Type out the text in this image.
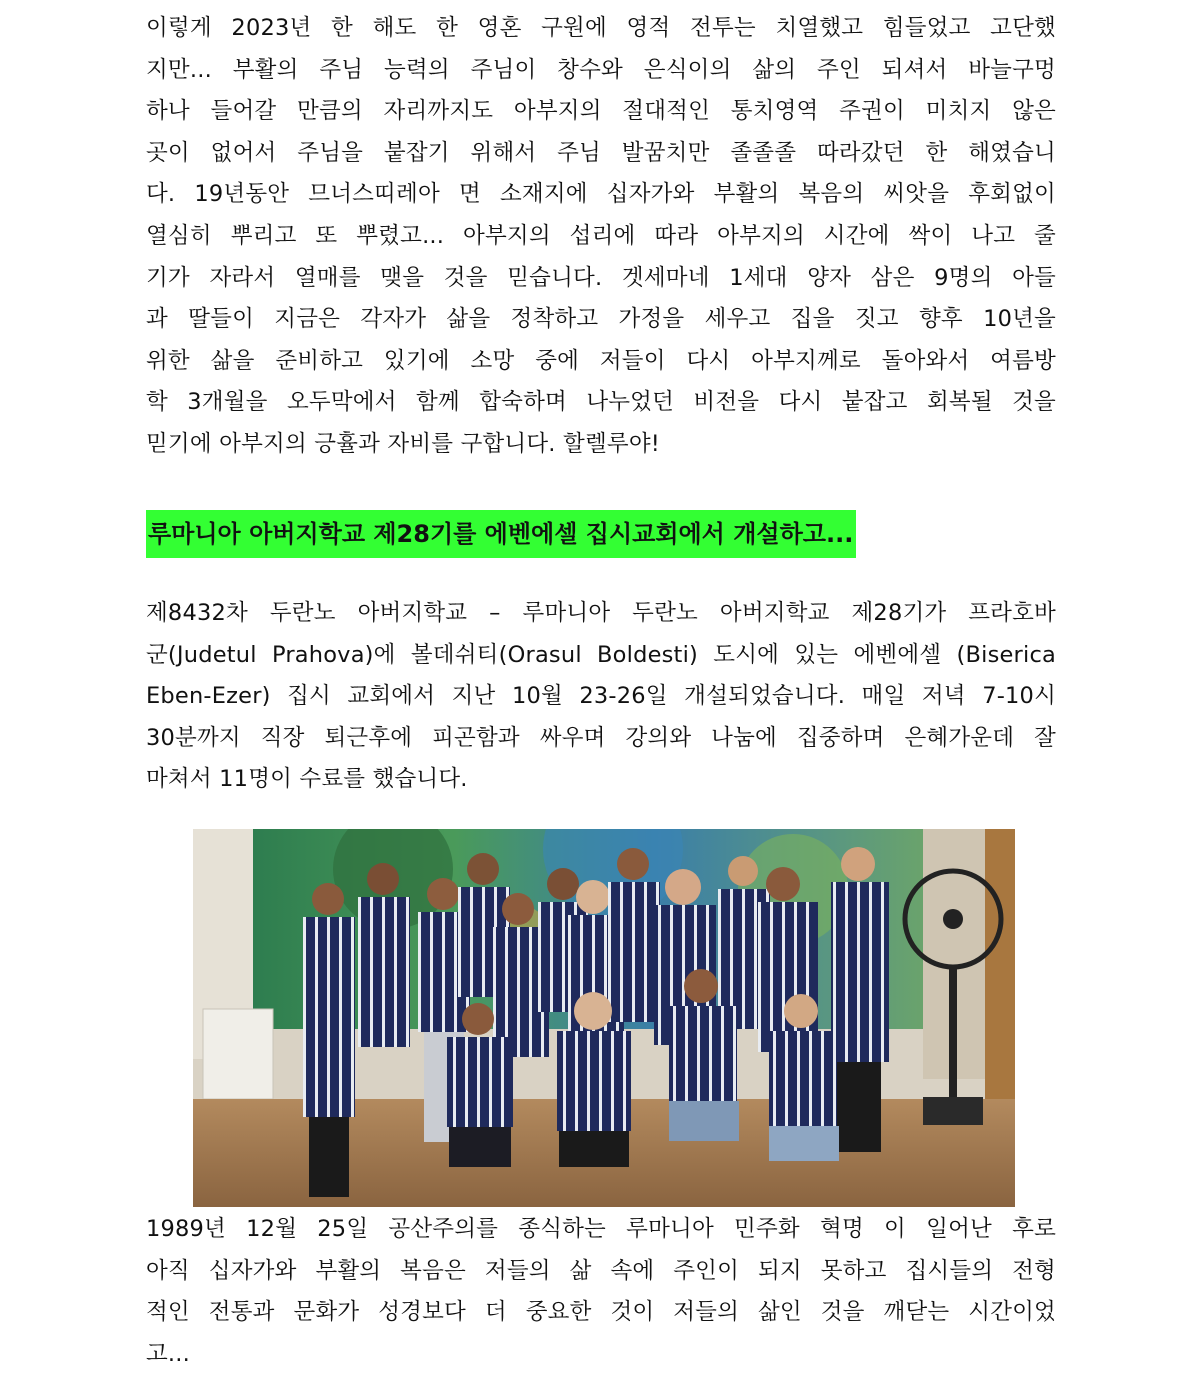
이렇게 2023년 한 해도 한 영혼 구원에 영적 전투는 치열했고 힘들었고 고단했
지만... 부활의 주님 능력의 주님이 창수와 은식이의 삶의 주인 되셔서 바늘구멍
하나 들어갈 만큼의 자리까지도 아부지의 절대적인 통치영역 주권이 미치지 않은
곳이 없어서 주님을 붙잡기 위해서 주님 발꿈치만 졸졸졸 따라갔던 한 해였습니
다. 19년동안 므너스띠레아 면 소재지에 십자가와 부활의 복음의 씨앗을 후회없이
열심히 뿌리고 또 뿌렸고... 아부지의 섭리에 따라 아부지의 시간에 싹이 나고 줄
기가 자라서 열매를 맺을 것을 믿습니다. 겟세마네 1세대 양자 삼은 9명의 아들
과 딸들이 지금은 각자가 삶을 정착하고 가정을 세우고 집을 짓고 향후 10년을
위한 삶을 준비하고 있기에 소망 중에 저들이 다시 아부지께로 돌아와서 여름방
학 3개월을 오두막에서 함께 합숙하며 나누었던 비전을 다시 붙잡고 회복될 것을
믿기에 아부지의 긍휼과 자비를 구합니다. 할렐루야!
루마니아 아버지학교 제28기를 에벤에셀 집시교회에서 개설하고...
제8432차 두란노 아버지학교 – 루마니아 두란노 아버지학교 제28기가 프라호바
군(Judetul Prahova)에 볼데쉬티(Orasul Boldesti) 도시에 있는 에벤에셀 (Biserica
Eben-Ezer) 집시 교회에서 지난 10월 23-26일 개설되었습니다. 매일 저녁 7-10시
30분까지 직장 퇴근후에 피곤함과 싸우며 강의와 나눔에 집중하며 은혜가운데 잘
마쳐서 11명이 수료를 했습니다.
1989년 12월 25일 공산주의를 종식하는 루마니아 민주화 혁명 이 일어난 후로
아직 십자가와 부활의 복음은 저들의 삶 속에 주인이 되지 못하고 집시들의 전형
적인 전통과 문화가 성경보다 더 중요한 것이 저들의 삶인 것을 깨닫는 시간이었
고...
